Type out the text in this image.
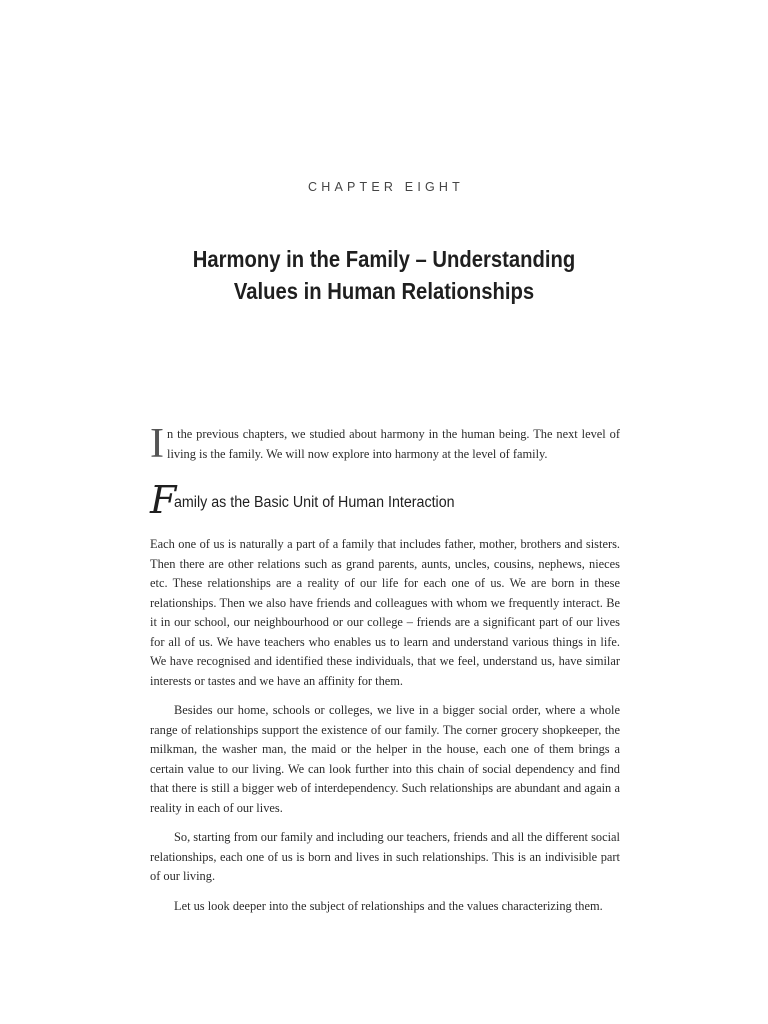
CHAPTER EIGHT
Harmony in the Family – Understanding
Values in Human Relationships
I n the previous chapters, we studied about harmony in the human being. The next level of living is the family. We will now explore into harmony at the level of family.

Family as the Basic Unit of Human Interaction

Each one of us is naturally a part of a family that includes father, mother, brothers and sisters. Then there are other relations such as grand parents, aunts, uncles, cousins, nephews, nieces etc. These relationships are a reality of our life for each one of us. We are born in these relationships. Then we also have friends and colleagues with whom we frequently interact. Be it in our school, our neighbourhood or our college – friends are a significant part of our lives for all of us. We have teachers who enables us to learn and understand various things in life. We have recognised and identified these individuals, that we feel, understand us, have similar interests or tastes and we have an affinity for them.

Besides our home, schools or colleges, we live in a bigger social order, where a whole range of relationships support the existence of our family. The corner grocery shopkeeper, the milkman, the washer man, the maid or the helper in the house, each one of them brings a certain value to our living. We can look further into this chain of social dependency and find that there is still a bigger web of interdependency. Such relationships are abundant and again a reality in each of our lives.

So, starting from our family and including our teachers, friends and all the different social relationships, each one of us is born and lives in such relationships. This is an indivisible part of our living.

Let us look deeper into the subject of relationships and the values characterizing them.
